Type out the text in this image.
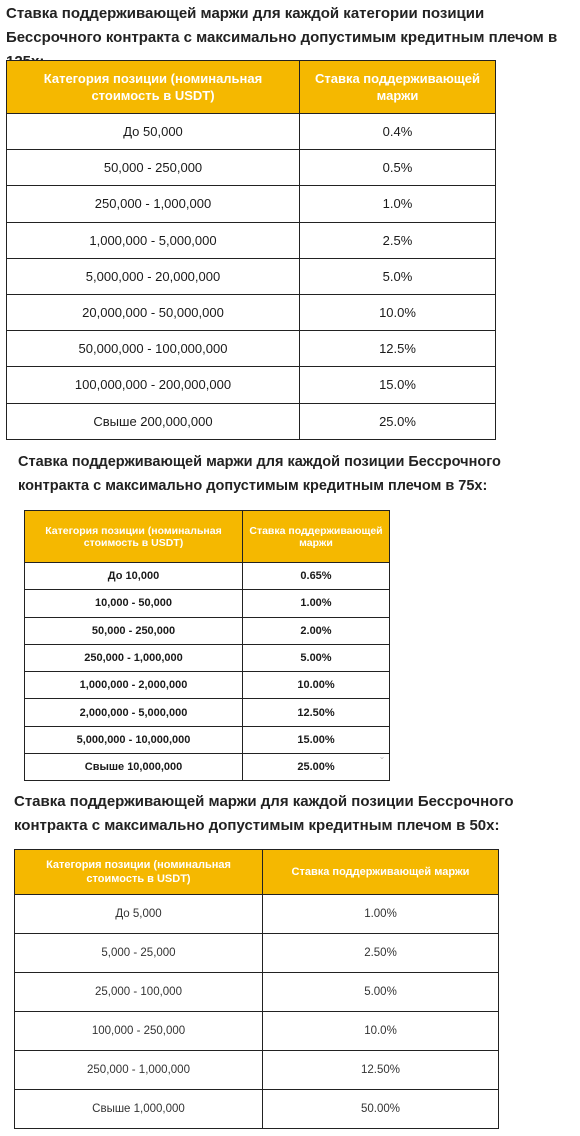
Ставка поддерживающей маржи для каждой категории позиции Бессрочного контракта с максимально допустимым кредитным плечом в
Категория позиции (номинальная стоимость в USDT)	Ставка поддерживающей маржи
До 50,000	0.4%
50,000 - 250,000	0.5%
250,000 - 1,000,000	1.0%
1,000,000 - 5,000,000	2.5%
5,000,000 - 20,000,000	5.0%
20,000,000 - 50,000,000	10.0%
50,000,000 - 100,000,000	12.5%
100,000,000 - 200,000,000	15.0%
Свыше 200,000,000	25.0%
Ставка поддерживающей маржи для каждой позиции Бессрочного контракта с максимально допустимым кредитным плечом в 75x:
Категория позиции (номинальная стоимость в USDT)	Ставка поддерживающей маржи
До 10,000	0.65%
10,000 - 50,000	1.00%
50,000 - 250,000	2.00%
250,000 - 1,000,000	5.00%
1,000,000 - 2,000,000	10.00%
2,000,000 - 5,000,000	12.50%
5,000,000 - 10,000,000	15.00%
Свыше 10,000,000	25.00%
⌄
Ставка поддерживающей маржи для каждой позиции Бессрочного контракта с максимально допустимым кредитным плечом в 50x:
Категория позиции (номинальная стоимость в USDT)	Ставка поддерживающей маржи
До 5,000	1.00%
5,000 - 25,000	2.50%
25,000 - 100,000	5.00%
100,000 - 250,000	10.0%
250,000 - 1,000,000	12.50%
Свыше 1,000,000	50.00%
